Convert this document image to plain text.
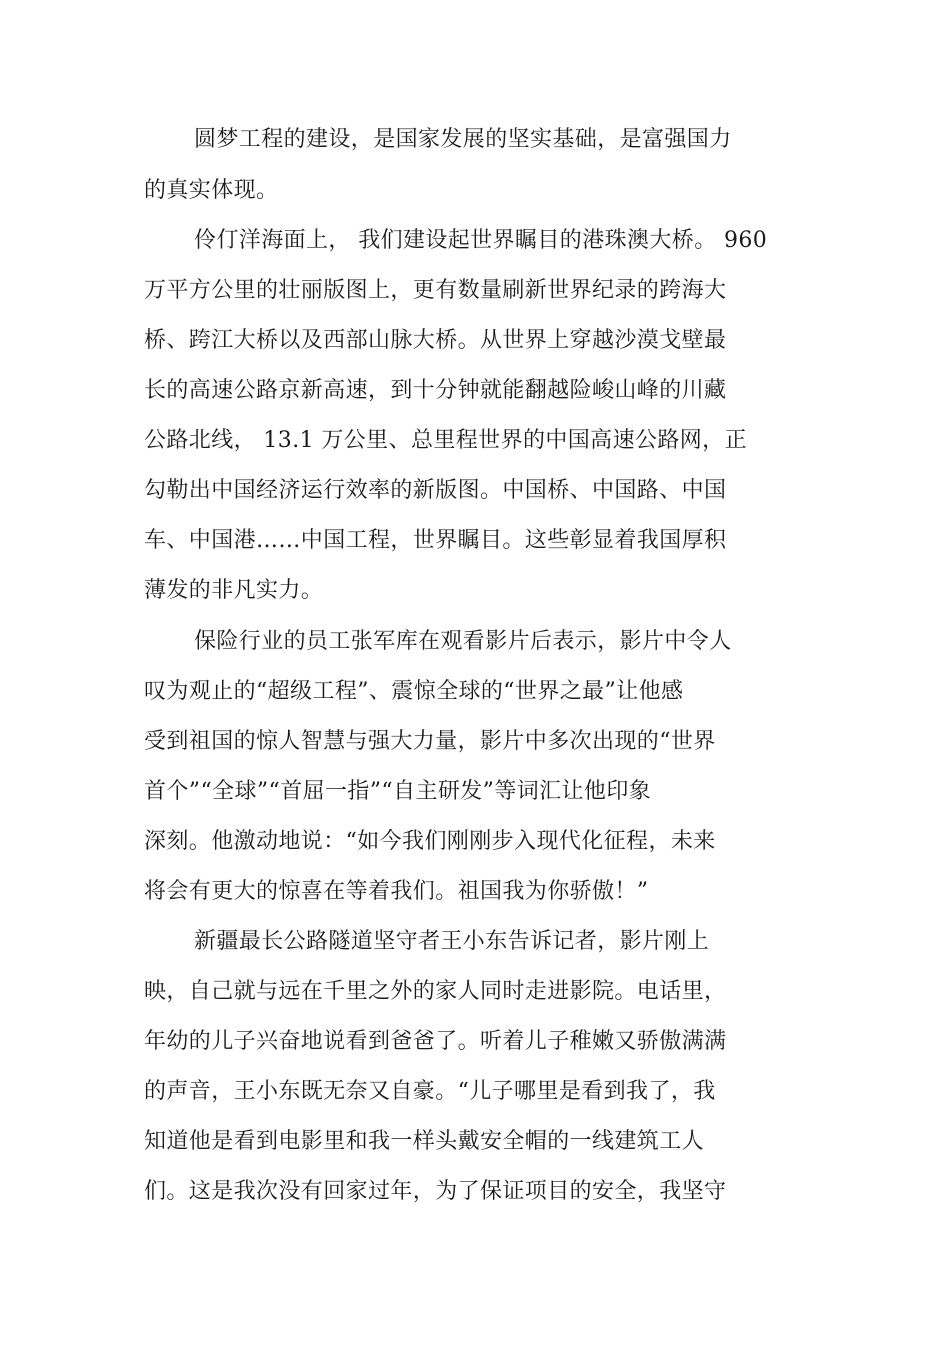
圆梦工程的建设，是国家发展的坚实基础，是富强国力
的真实体现。
伶仃洋海面上， 我们建设起世界瞩目的港珠澳大桥。 960
万平方公里的壮丽版图上，更有数量刷新世界纪录的跨海大
桥、跨江大桥以及西部山脉大桥。从世界上穿越沙漠戈壁最
长的高速公路京新高速，到十分钟就能翻越险峻山峰的川藏
公路北线， 13.1 万公里、总里程世界的中国高速公路网，正
勾勒出中国经济运行效率的新版图。中国桥、中国路、中国
车、中国港……中国工程，世界瞩目。这些彰显着我国厚积
薄发的非凡实力。
保险行业的员工张军库在观看影片后表示，影片中令人
叹为观止的“超级工程”、震惊全球的“世界之最”让他感
受到祖国的惊人智慧与强大力量，影片中多次出现的“世界
首个”“全球”“首屈一指”“自主研发”等词汇让他印象
深刻。他激动地说：“如今我们刚刚步入现代化征程，未来
将会有更大的惊喜在等着我们。祖国我为你骄傲！”
新疆最长公路隧道坚守者王小东告诉记者，影片刚上
映，自己就与远在千里之外的家人同时走进影院。电话里，
年幼的儿子兴奋地说看到爸爸了。听着儿子稚嫩又骄傲满满
的声音，王小东既无奈又自豪。“儿子哪里是看到我了，我
知道他是看到电影里和我一样头戴安全帽的一线建筑工人
们。这是我次没有回家过年，为了保证项目的安全，我坚守
